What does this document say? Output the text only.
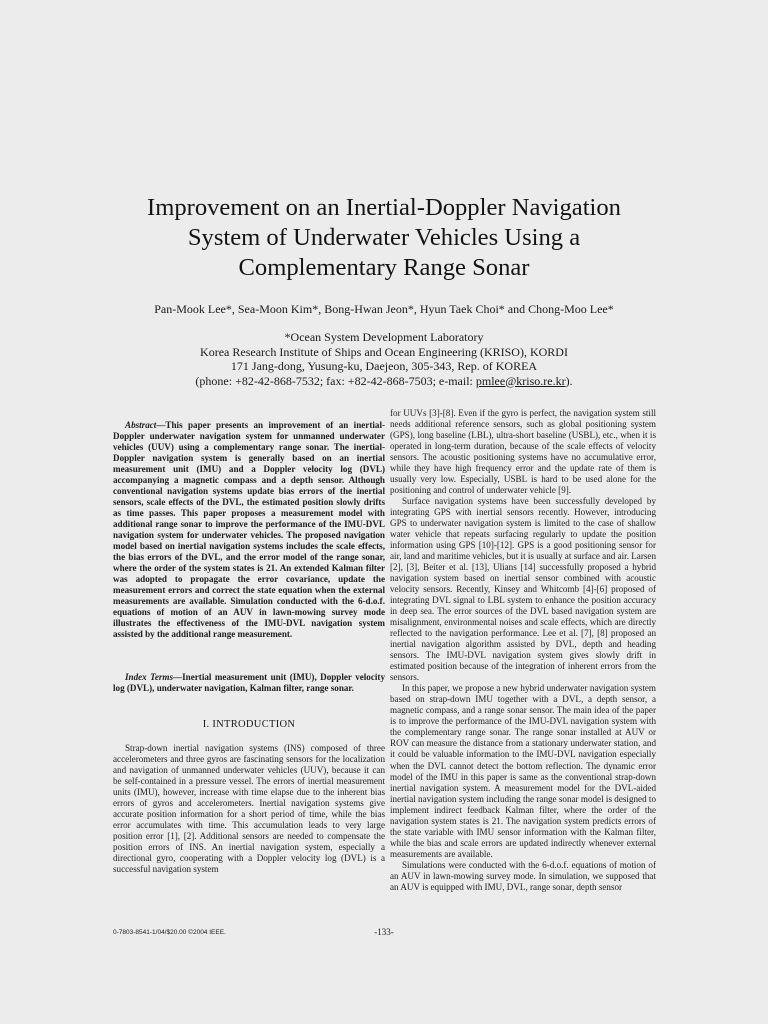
Improvement on an Inertial-Doppler Navigation
System of Underwater Vehicles Using a
Complementary Range Sonar
Pan-Mook Lee*, Sea-Moon Kim*, Bong-Hwan Jeon*, Hyun Taek Choi* and Chong-Moo Lee*
*Ocean System Development Laboratory
Korea Research Institute of Ships and Ocean Engineering (KRISO), KORDI
171 Jang-dong, Yusung-ku, Daejeon, 305-343, Rep. of KOREA
(phone: +82-42-868-7532; fax: +82-42-868-7503; e-mail: pmlee@kriso.re.kr).

Abstract—This paper presents an improvement of an inertial-Doppler underwater navigation system for unmanned underwater vehicles (UUV) using a complementary range sonar. The inertial-Doppler navigation system is generally based on an inertial measurement unit (IMU) and a Doppler velocity log (DVL) accompanying a magnetic compass and a depth sensor. Although conventional navigation systems update bias errors of the inertial sensors, scale effects of the DVL, the estimated position slowly drifts as time passes. This paper proposes a measurement model with additional range sonar to improve the performance of the IMU-DVL navigation system for underwater vehicles. The proposed navigation model based on inertial navigation systems includes the scale effects, the bias errors of the DVL, and the error model of the range sonar, where the order of the system states is 21. An extended Kalman filter was adopted to propagate the error covariance, update the measurement errors and correct the state equation when the external measurements are available. Simulation conducted with the 6-d.o.f. equations of motion of an AUV in lawn-mowing survey mode illustrates the effectiveness of the IMU-DVL navigation system assisted by the additional range measurement.

Index Terms—Inertial measurement unit (IMU), Doppler velocity log (DVL), underwater navigation, Kalman filter, range sonar.

I. INTRODUCTION

Strap-down inertial navigation systems (INS) composed of three accelerometers and three gyros are fascinating sensors for the localization and navigation of unmanned underwater vehicles (UUV), because it can be self-contained in a pressure vessel. The errors of inertial measurement units (IMU), however, increase with time elapse due to the inherent bias errors of gyros and accelerometers. Inertial navigation systems give accurate position information for a short period of time, while the bias error accumulates with time. This accumulation leads to very large position error [1], [2]. Additional sensors are needed to compensate the position errors of INS. An inertial navigation system, especially a directional gyro, cooperating with a Doppler velocity log (DVL) is a successful navigation system

for UUVs [3]-[8]. Even if the gyro is perfect, the navigation system still needs additional reference sensors, such as global positioning system (GPS), long baseline (LBL), ultra-short baseline (USBL), etc., when it is operated in long-term duration, because of the scale effects of velocity sensors. The acoustic positioning systems have no accumulative error, while they have high frequency error and the update rate of them is usually very low. Especially, USBL is hard to be used alone for the positioning and control of underwater vehicle [9].

Surface navigation systems have been successfully developed by integrating GPS with inertial sensors recently. However, introducing GPS to underwater navigation system is limited to the case of shallow water vehicle that repeats surfacing regularly to update the position information using GPS [10]-[12]. GPS is a good positioning sensor for air, land and maritime vehicles, but it is usually at surface and air. Larsen [2], [3], Beiter et al. [13], Ulians [14] successfully proposed a hybrid navigation system based on inertial sensor combined with acoustic velocity sensors. Recently, Kinsey and Whitcomb [4]-[6] proposed of integrating DVL signal to LBL system to enhance the position accuracy in deep sea. The error sources of the DVL based navigation system are misalignment, environmental noises and scale effects, which are directly reflected to the navigation performance. Lee et al. [7], [8] proposed an inertial navigation algorithm assisted by DVL, depth and heading sensors. The IMU-DVL navigation system gives slowly drift in estimated position because of the integration of inherent errors from the sensors.

In this paper, we propose a new hybrid underwater navigation system based on strap-down IMU together with a DVL, a depth sensor, a magnetic compass, and a range sonar sensor. The main idea of the paper is to improve the performance of the IMU-DVL navigation system with the complementary range sonar. The range sonar installed at AUV or ROV can measure the distance from a stationary underwater station, and it could be valuable information to the IMU-DVL navigation especially when the DVL cannot detect the bottom reflection. The dynamic error model of the IMU in this paper is same as the conventional strap-down inertial navigation system. A measurement model for the DVL-aided inertial navigation system including the range sonar model is designed to implement indirect feedback Kalman filter, where the order of the navigation system states is 21. The navigation system predicts errors of the state variable with IMU sensor information with the Kalman filter, while the bias and scale errors are updated indirectly whenever external measurements are available.

Simulations were conducted with the 6-d.o.f. equations of motion of an AUV in lawn-mowing survey mode. In simulation, we supposed that an AUV is equipped with IMU, DVL, range sonar, depth sensor

0-7803-8541-1/04/$20.00 ©2004 IEEE.	-133-
